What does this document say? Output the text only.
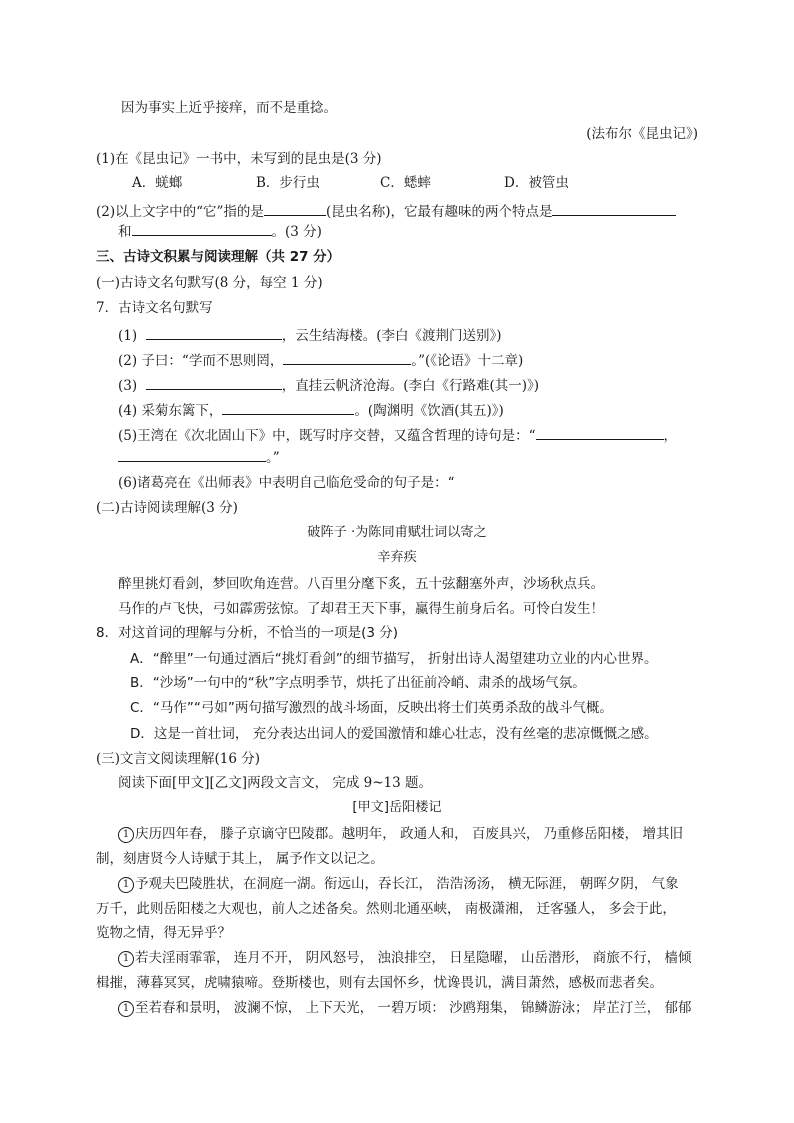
因为事实上近乎接痒，而不是重捻。
(法布尔《昆虫记》)
(1)在《昆虫记》一书中，未写到的昆虫是(3 分)
A．蜣螂	B．步行虫	C．蟋蟀	D．被管虫
(2)以上文字中的“它”指的是	(昆虫名称)，它最有趣味的两个特点是
和	。(3 分)
三、古诗文积累与阅读理解（共 27 分）
(一)古诗文名句默写(8 分，每空 1 分)
7．古诗文名句默写
(1)	，云生结海楼。(李白《渡荆门送别》)
(2) 子曰：“学而不思则罔，	。”(《论语》十二章)
(3)	，直挂云帆济沧海。(李白《行路难(其一)》)
(4) 采菊东篱下，	。(陶渊明《饮酒(其五)》)
(5)王湾在《次北固山下》中，既写时序交替，又蕴含哲理的诗句是：“	，
。”
(6)诸葛亮在《出师表》中表明自己临危受命的句子是：“
(二)古诗阅读理解(3 分)
破阵子 ·为陈同甫赋壮词以寄之
辛弃疾
醉里挑灯看剑，梦回吹角连营。八百里分麾下炙，五十弦翻塞外声，沙场秋点兵。
马作的卢飞快，弓如霹雳弦惊。了却君王天下事，赢得生前身后名。可怜白发生！
8．对这首词的理解与分析，不恰当的一项是(3 分)
A．“醉里”一句通过酒后“挑灯看剑”的细节描写， 折射出诗人渴望建功立业的内心世界。
B．“沙场”一句中的“秋”字点明季节，烘托了出征前冷峭、肃杀的战场气氛。
C．“马作”“弓如”两句描写激烈的战斗场面，反映出将士们英勇杀敌的战斗气概。
D．这是一首壮词， 充分表达出词人的爱国激情和雄心壮志，没有丝毫的悲凉慨慨之感。
(三)文言文阅读理解(16 分)
阅读下面[甲文][乙文]两段文言文， 完成 9~13 题。
[甲文]岳阳楼记
1 庆历四年春， 滕子京谪守巴陵郡。越明年， 政通人和， 百废具兴， 乃重修岳阳楼， 增其旧
制，刻唐贤今人诗赋于其上， 属予作文以记之。
1 予观夫巴陵胜状，在洞庭一湖。衔远山，吞长江， 浩浩汤汤， 横无际涯， 朝晖夕阴， 气象
万千，此则岳阳楼之大观也，前人之述备矣。然则北通巫峡， 南极潇湘， 迁客骚人， 多会于此，
览物之情，得无异乎？
1 若夫淫雨霏霏， 连月不开， 阴风怒号， 浊浪排空， 日星隐曜， 山岳潜形， 商旅不行， 樯倾
楫摧，薄暮冥冥，虎啸猿啼。登斯楼也，则有去国怀乡，忧谗畏讥，满目萧然，感极而悲者矣。
1 至若春和景明， 波澜不惊， 上下天光， 一碧万顷： 沙鸥翔集， 锦鳞游泳； 岸芷汀兰， 郁郁
